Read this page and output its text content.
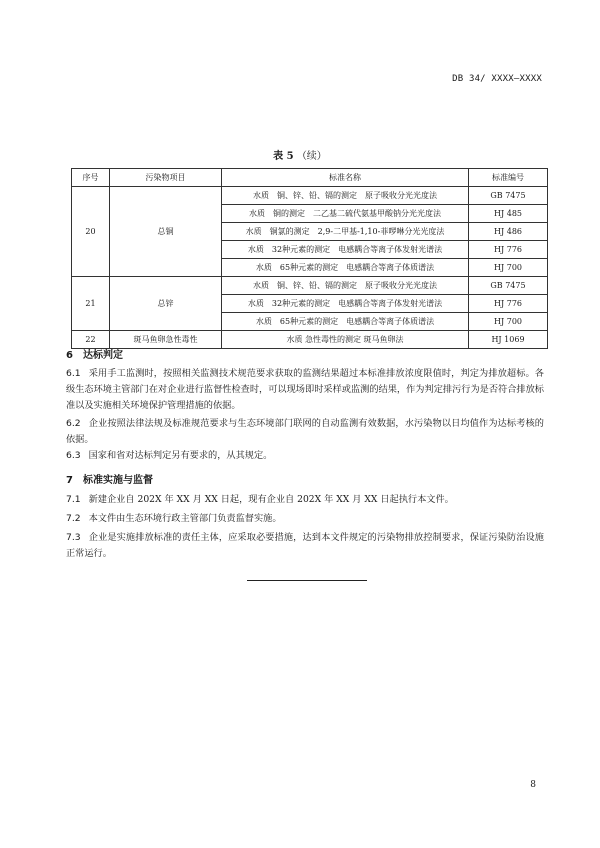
DB 34/ XXXX—XXXX
表 5 （续）
序号	污染物项目	标准名称	标准编号
20	总铜	水质　铜、锌、铅、镉的测定　原子吸收分光光度法	GB 7475
		水质　铜的测定　二乙基二硫代氨基甲酸钠分光光度法	HJ 485
		水质　铜氯的测定　2,9-二甲基-1,10-菲啰啉分光光度法	HJ 486
		水质　32种元素的测定　电感耦合等离子体发射光谱法	HJ 776
		水质　65种元素的测定　电感耦合等离子体质谱法	HJ 700
21	总锌	水质　铜、锌、铅、镉的测定　原子吸收分光光度法	GB 7475
		水质　32种元素的测定　电感耦合等离子体发射光谱法	HJ 776
		水质　65种元素的测定　电感耦合等离子体质谱法	HJ 700
22	斑马鱼卵急性毒性	水质 急性毒性的测定 斑马鱼卵法	HJ 1069
6 达标判定
6.1 采用手工监测时，按照相关监测技术规范要求获取的监测结果超过本标准排放浓度限值时，判定为排放超标。各级生态环境主管部门在对企业进行监督性检查时，可以现场即时采样或监测的结果，作为判定排污行为是否符合排放标准以及实施相关环境保护管理措施的依据。
6.2 企业按照法律法规及标准规范要求与生态环境部门联网的自动监测有效数据，水污染物以日均值作为达标考核的依据。
6.3 国家和省对达标判定另有要求的，从其规定。
7 标准实施与监督
7.1 新建企业自 202X 年 XX 月 XX 日起，现有企业自 202X 年 XX 月 XX 日起执行本文件。
7.2 本文件由生态环境行政主管部门负责监督实施。
7.3 企业是实施排放标准的责任主体，应采取必要措施，达到本文件规定的污染物排放控制要求，保证污染防治设施正常运行。
8
